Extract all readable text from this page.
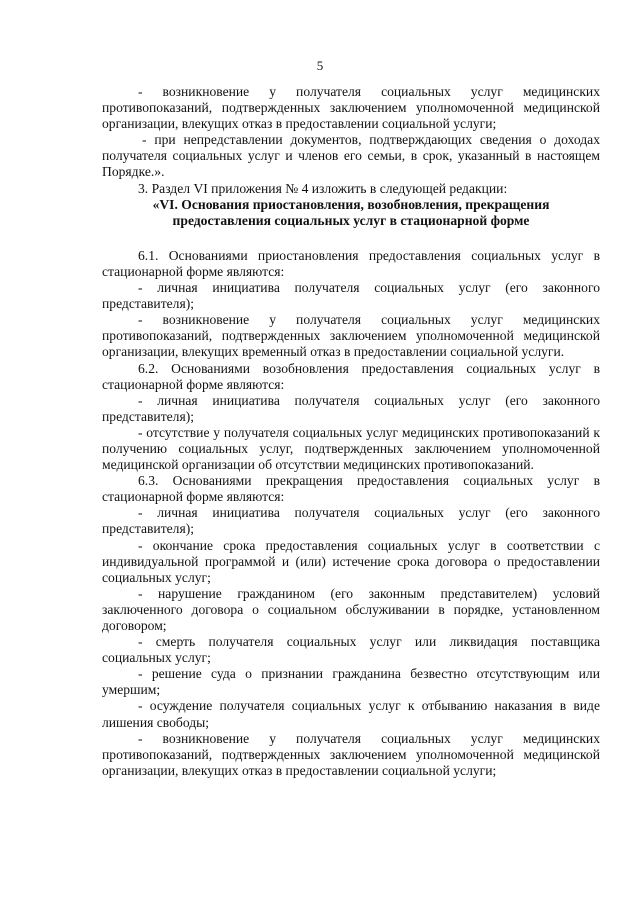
5

- возникновение у получателя социальных услуг медицинских противопоказаний, подтвержденных заключением уполномоченной медицинской организации, влекущих отказ в предоставлении социальной услуги;

- при непредставлении документов, подтверждающих сведения о доходах получателя социальных услуг и членов его семьи, в срок, указанный в настоящем Порядке.».

3. Раздел VI приложения № 4 изложить в следующей редакции:

«VI. Основания приостановления, возобновления, прекращения предоставления социальных услуг в стационарной форме

6.1. Основаниями приостановления предоставления социальных услуг в стационарной форме являются:

- личная инициатива получателя социальных услуг (его законного представителя);

- возникновение у получателя социальных услуг медицинских противопоказаний, подтвержденных заключением уполномоченной медицинской организации, влекущих временный отказ в предоставлении социальной услуги.

6.2. Основаниями возобновления предоставления социальных услуг в стационарной форме являются:

- личная инициатива получателя социальных услуг (его законного представителя);

- отсутствие у получателя социальных услуг медицинских противопоказаний к получению социальных услуг, подтвержденных заключением уполномоченной медицинской организации об отсутствии медицинских противопоказаний.

6.3. Основаниями прекращения предоставления социальных услуг в стационарной форме являются:

- личная инициатива получателя социальных услуг (его законного представителя);

- окончание срока предоставления социальных услуг в соответствии с индивидуальной программой и (или) истечение срока договора о предоставлении социальных услуг;

- нарушение гражданином (его законным представителем) условий заключенного договора о социальном обслуживании в порядке, установленном договором;

- смерть получателя социальных услуг или ликвидация поставщика социальных услуг;

- решение суда о признании гражданина безвестно отсутствующим или умершим;

- осуждение получателя социальных услуг к отбыванию наказания в виде лишения свободы;

- возникновение у получателя социальных услуг медицинских противопоказаний, подтвержденных заключением уполномоченной медицинской организации, влекущих отказ в предоставлении социальной услуги;
